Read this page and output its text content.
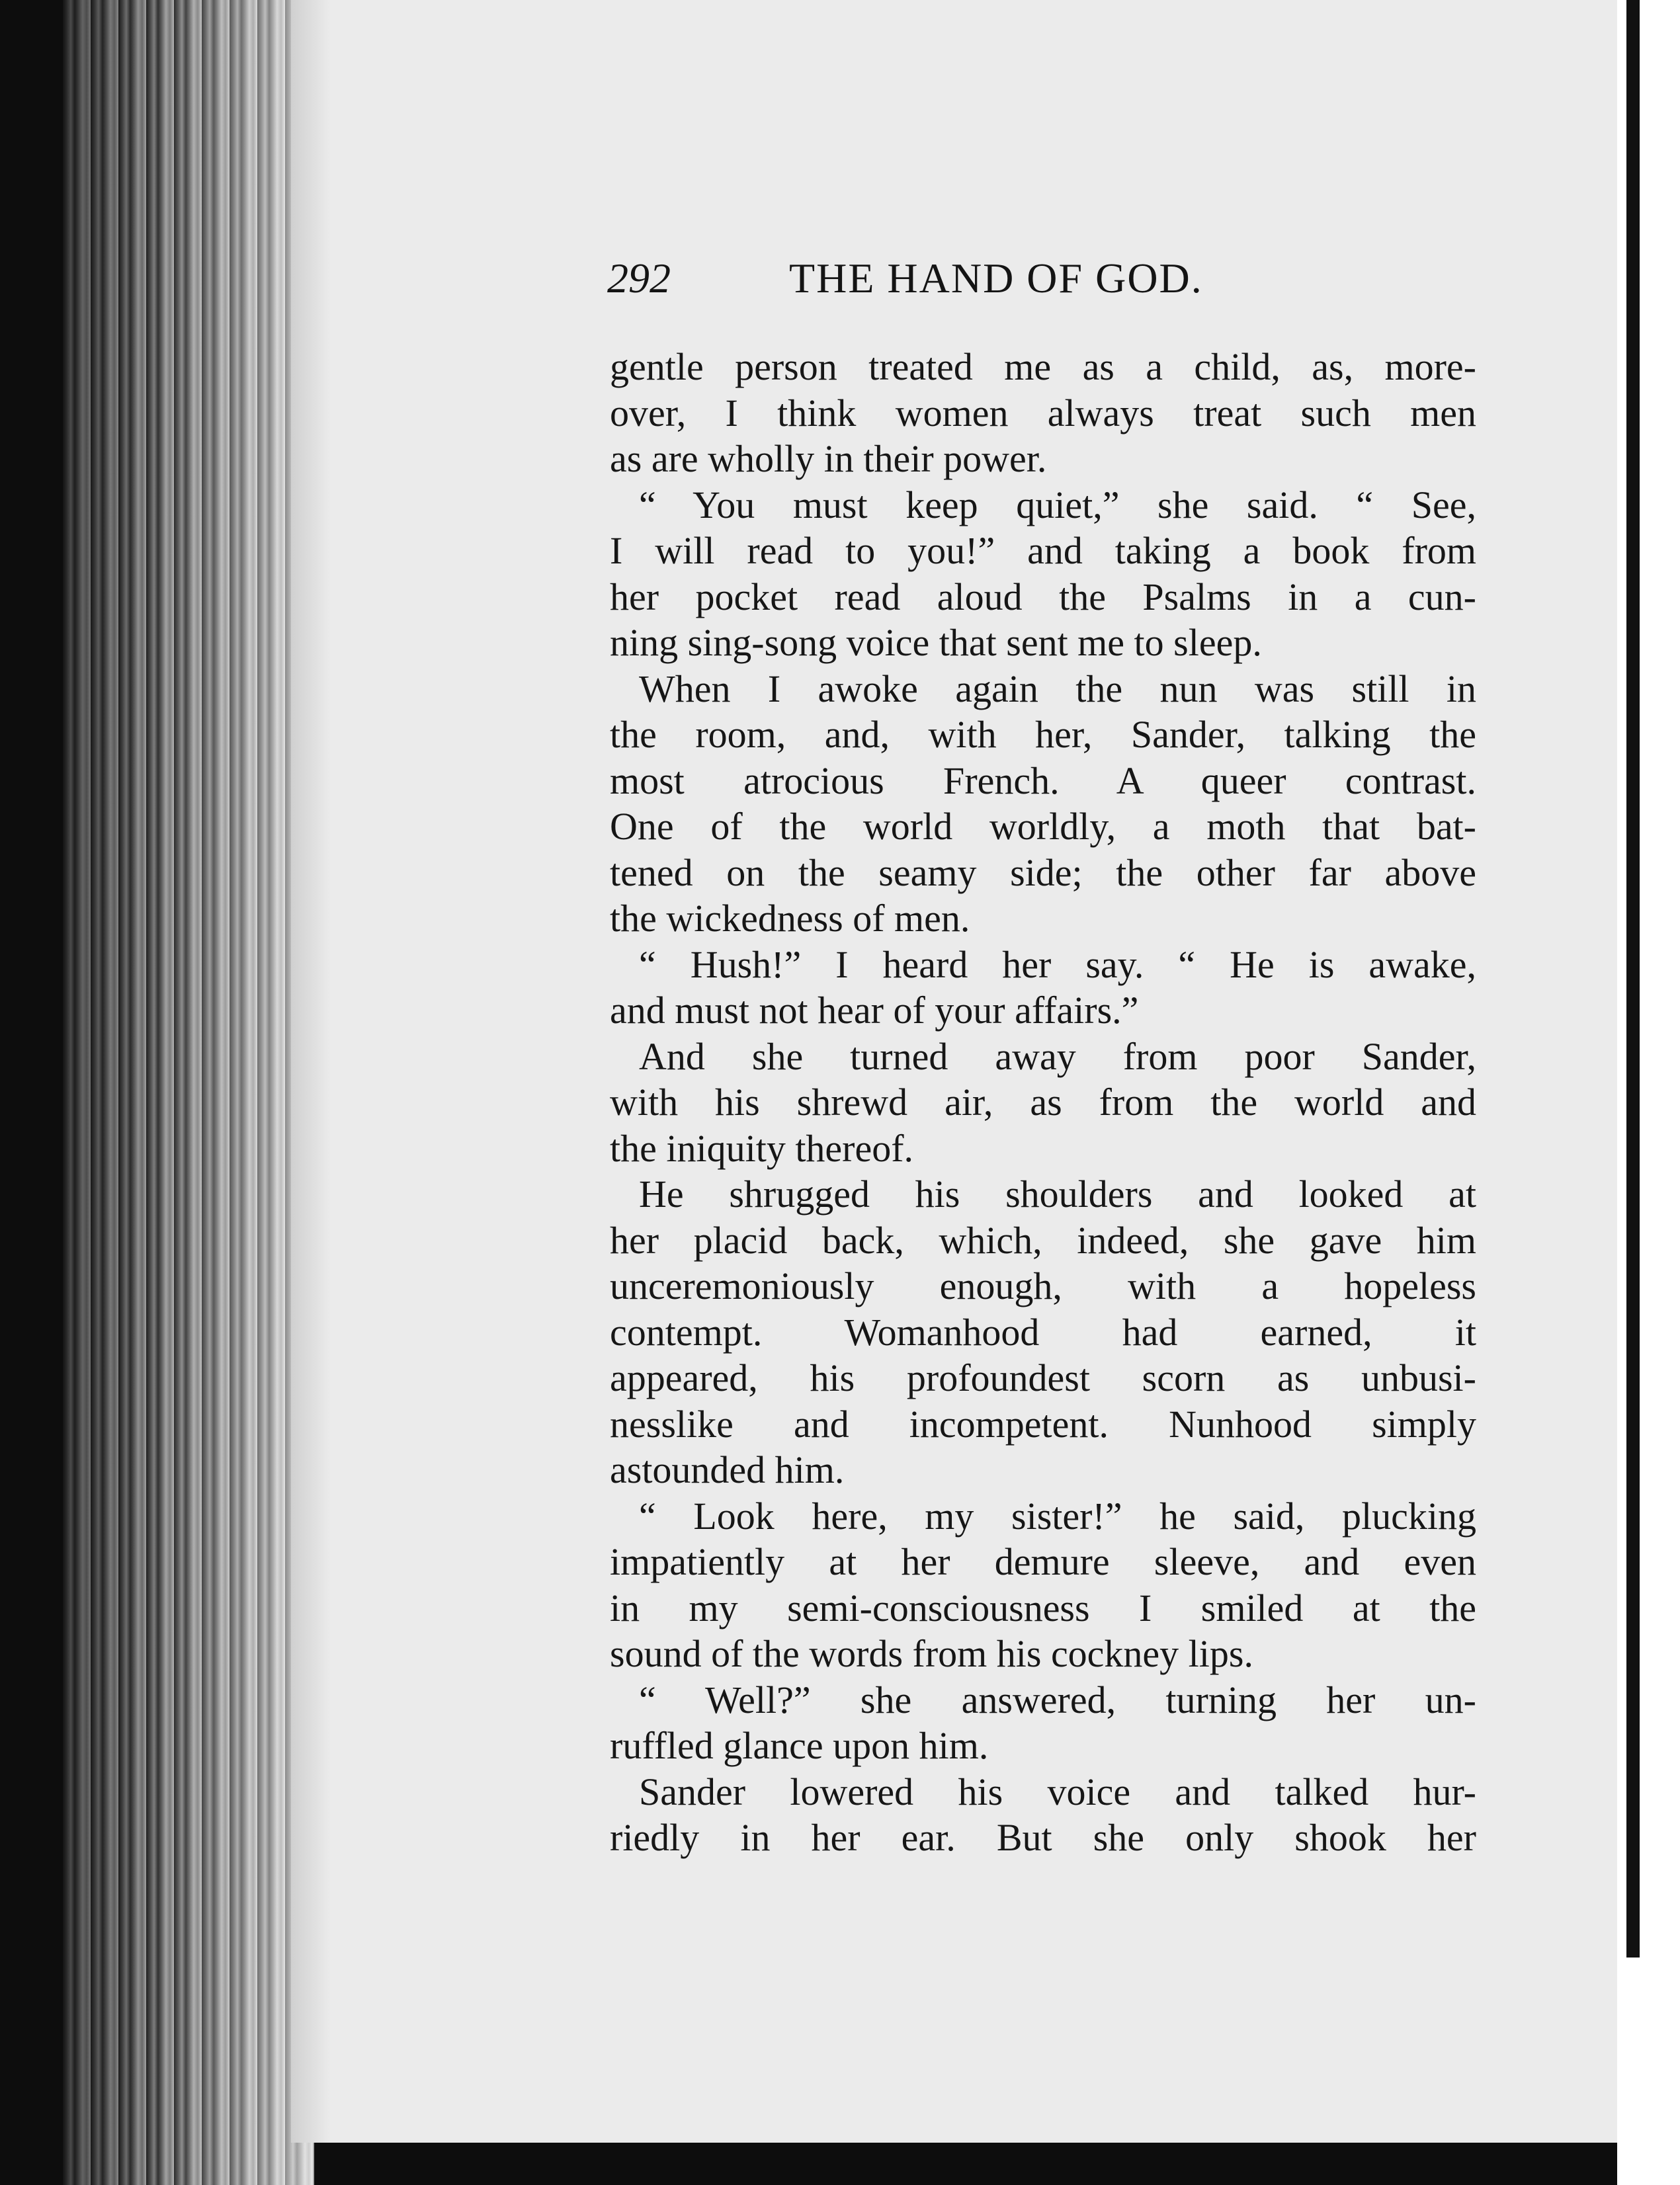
292	THE HAND OF GOD.
gentle person treated me as a child, as, more-
over, I think women always treat such men
as are wholly in their power.
“ You must keep quiet,” she said. “ See,
I will read to you!” and taking a book from
her pocket read aloud the Psalms in a cun-
ning sing-song voice that sent me to sleep.
When I awoke again the nun was still in
the room, and, with her, Sander, talking the
most atrocious French. A queer contrast.
One of the world worldly, a moth that bat-
tened on the seamy side; the other far above
the wickedness of men.
“ Hush!” I heard her say. “ He is awake,
and must not hear of your affairs.”
And she turned away from poor Sander,
with his shrewd air, as from the world and
the iniquity thereof.
He shrugged his shoulders and looked at
her placid back, which, indeed, she gave him
unceremoniously enough, with a hopeless
contempt. Womanhood had earned, it
appeared, his profoundest scorn as unbusi-
nesslike and incompetent. Nunhood simply
astounded him.
“ Look here, my sister!” he said, plucking
impatiently at her demure sleeve, and even
in my semi-consciousness I smiled at the
sound of the words from his cockney lips.
“ Well?” she answered, turning her un-
ruffled glance upon him.
Sander lowered his voice and talked hur-
riedly in her ear. But she only shook her
